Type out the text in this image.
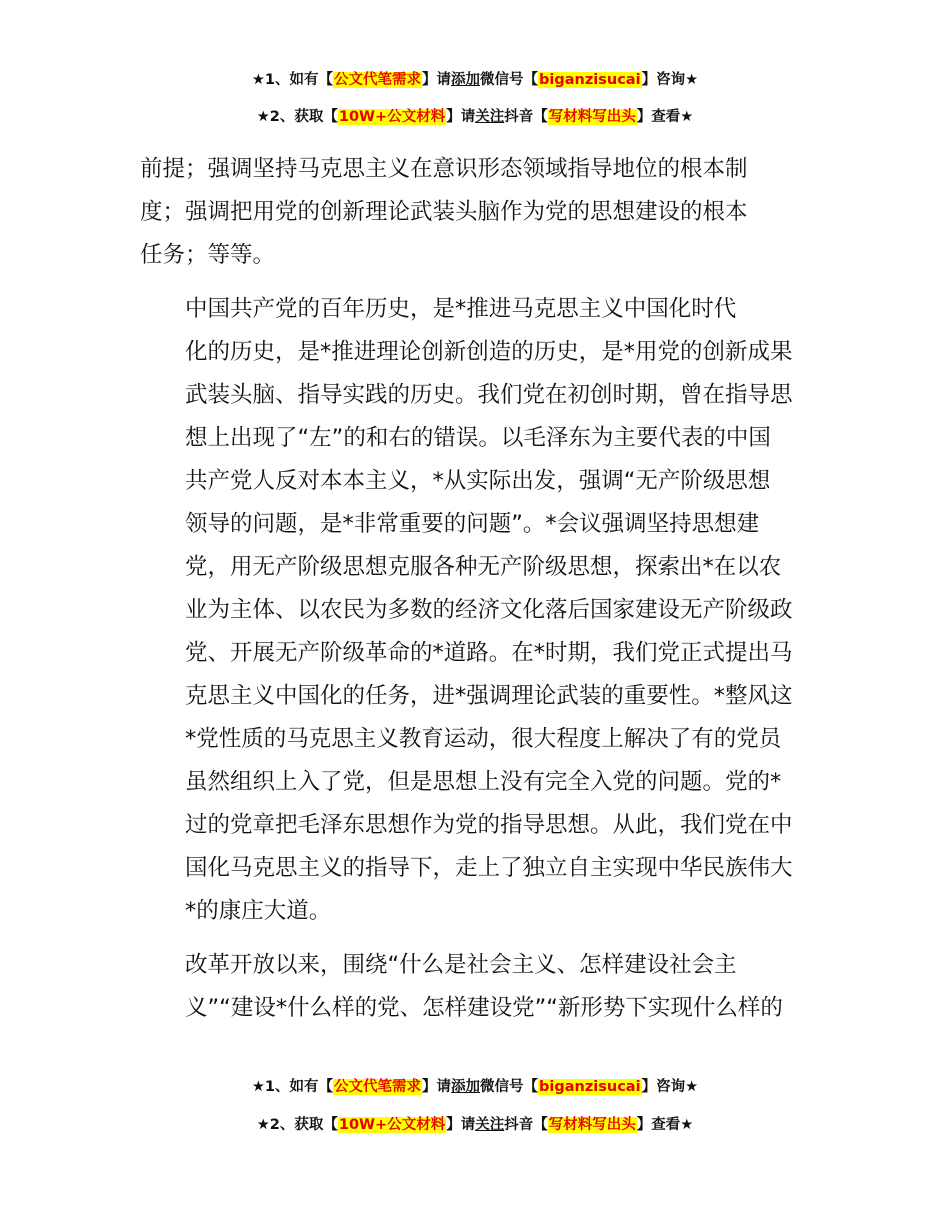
★1、如有【公文代笔需求】请添加微信号【biganzisucai】咨询★
★2、获取【10W+公文材料】请关注抖音【写材料写出头】查看★

前提；强调坚持马克思主义在意识形态领域指导地位的根本制
度；强调把用党的创新理论武装头脑作为党的思想建设的根本
任务；等等。

中国共产党的百年历史，是*推进马克思主义中国化时代
化的历史，是*推进理论创新创造的历史，是*用党的创新成果
武装头脑、指导实践的历史。我们党在初创时期，曾在指导思
想上出现了“左”的和右的错误。以毛泽东为主要代表的中国
共产党人反对本本主义，*从实际出发，强调“无产阶级思想
领导的问题，是*非常重要的问题”。*会议强调坚持思想建
党，用无产阶级思想克服各种无产阶级思想，探索出*在以农
业为主体、以农民为多数的经济文化落后国家建设无产阶级政
党、开展无产阶级革命的*道路。在*时期，我们党正式提出马
克思主义中国化的任务，进*强调理论武装的重要性。*整风这
*党性质的马克思主义教育运动，很大程度上解决了有的党员
虽然组织上入了党，但是思想上没有完全入党的问题。党的*
过的党章把毛泽东思想作为党的指导思想。从此，我们党在中
国化马克思主义的指导下，走上了独立自主实现中华民族伟大
*的康庄大道。

改革开放以来，围绕“什么是社会主义、怎样建设社会主
义”“建设*什么样的党、怎样建设党”“新形势下实现什么样的

★1、如有【公文代笔需求】请添加微信号【biganzisucai】咨询★
★2、获取【10W+公文材料】请关注抖音【写材料写出头】查看★
